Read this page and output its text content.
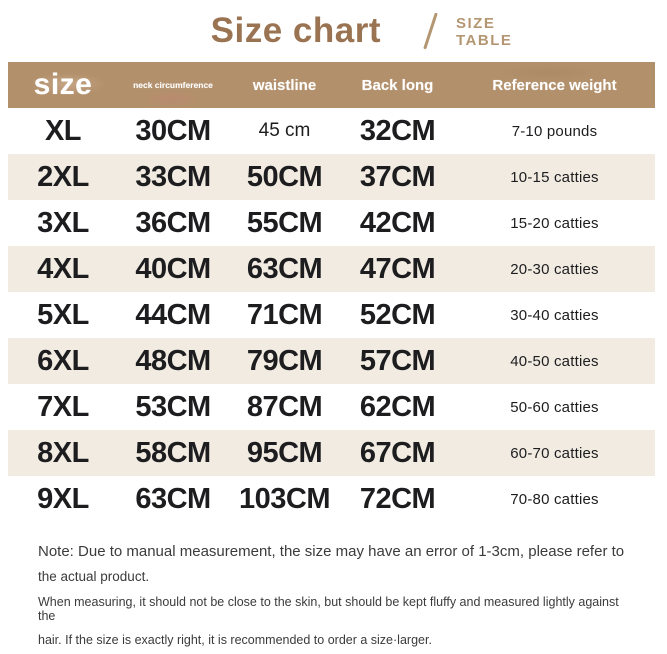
Size chart	SIZE
TABLE
size	neck circumference	waistline	Back long	Reference weight
XL	30CM	45 cm	32CM	7-10 pounds
2XL	33CM	50CM	37CM	10-15 catties
3XL	36CM	55CM	42CM	15-20 catties
4XL	40CM	63CM	47CM	20-30 catties
5XL	44CM	71CM	52CM	30-40 catties
6XL	48CM	79CM	57CM	40-50 catties
7XL	53CM	87CM	62CM	50-60 catties
8XL	58CM	95CM	67CM	60-70 catties
9XL	63CM 103CM	72CM	70-80 catties
Note: Due to manual measurement, the size may have an error of 1-3cm, please refer to
the actual product.
When measuring, it should not be close to the skin, but should be kept fluffy and measured lightly against the
hair. If the size is exactly right, it is recommended to order a size·larger.
